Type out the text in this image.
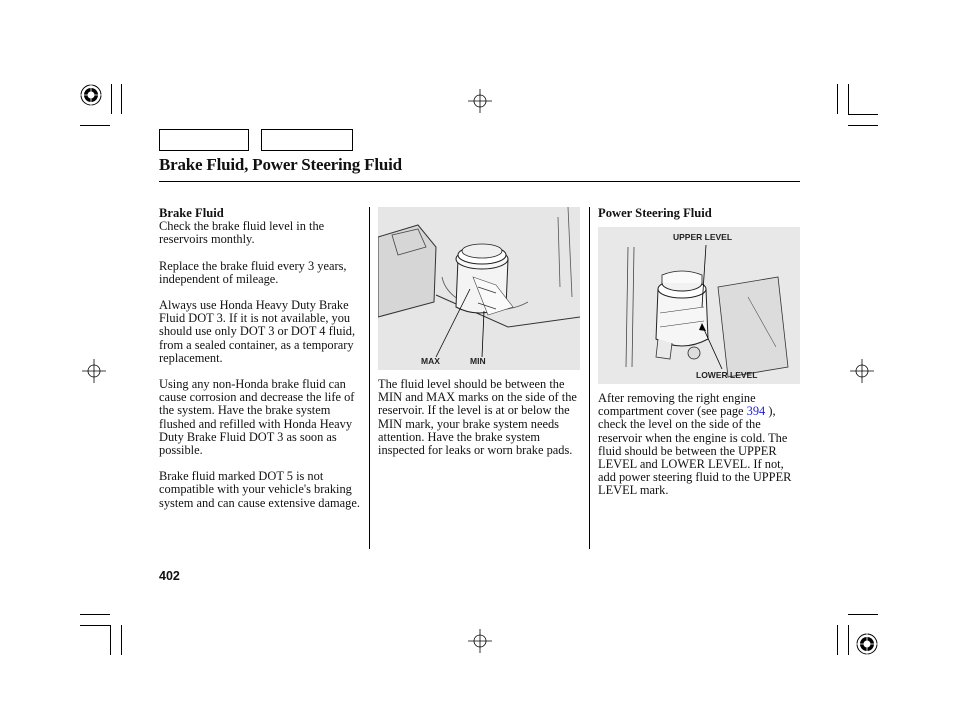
Brake Fluid, Power Steering Fluid
Brake Fluid

Check the brake fluid level in the reservoirs monthly.

Replace the brake fluid every 3 years, independent of mileage.

Always use Honda Heavy Duty Brake Fluid DOT 3. If it is not available, you should use only DOT 3 or DOT 4 fluid, from a sealed container, as a temporary replacement.

Using any non-Honda brake fluid can cause corrosion and decrease the life of the system. Have the brake system flushed and refilled with Honda Heavy Duty Brake Fluid DOT 3 as soon as possible.

Brake fluid marked DOT 5 is not compatible with your vehicle's braking system and can cause extensive damage.

MAX	MIN

The fluid level should be between the MIN and MAX marks on the side of the reservoir. If the level is at or below the MIN mark, your brake system needs attention. Have the brake system inspected for leaks or worn brake pads.

Power Steering Fluid
UPPER LEVEL
LOWER LEVEL

After removing the right engine compartment cover (see page 394 ), check the level on the side of the reservoir when the engine is cold. The fluid should be between the UPPER LEVEL and LOWER LEVEL. If not, add power steering fluid to the UPPER LEVEL mark.

402
